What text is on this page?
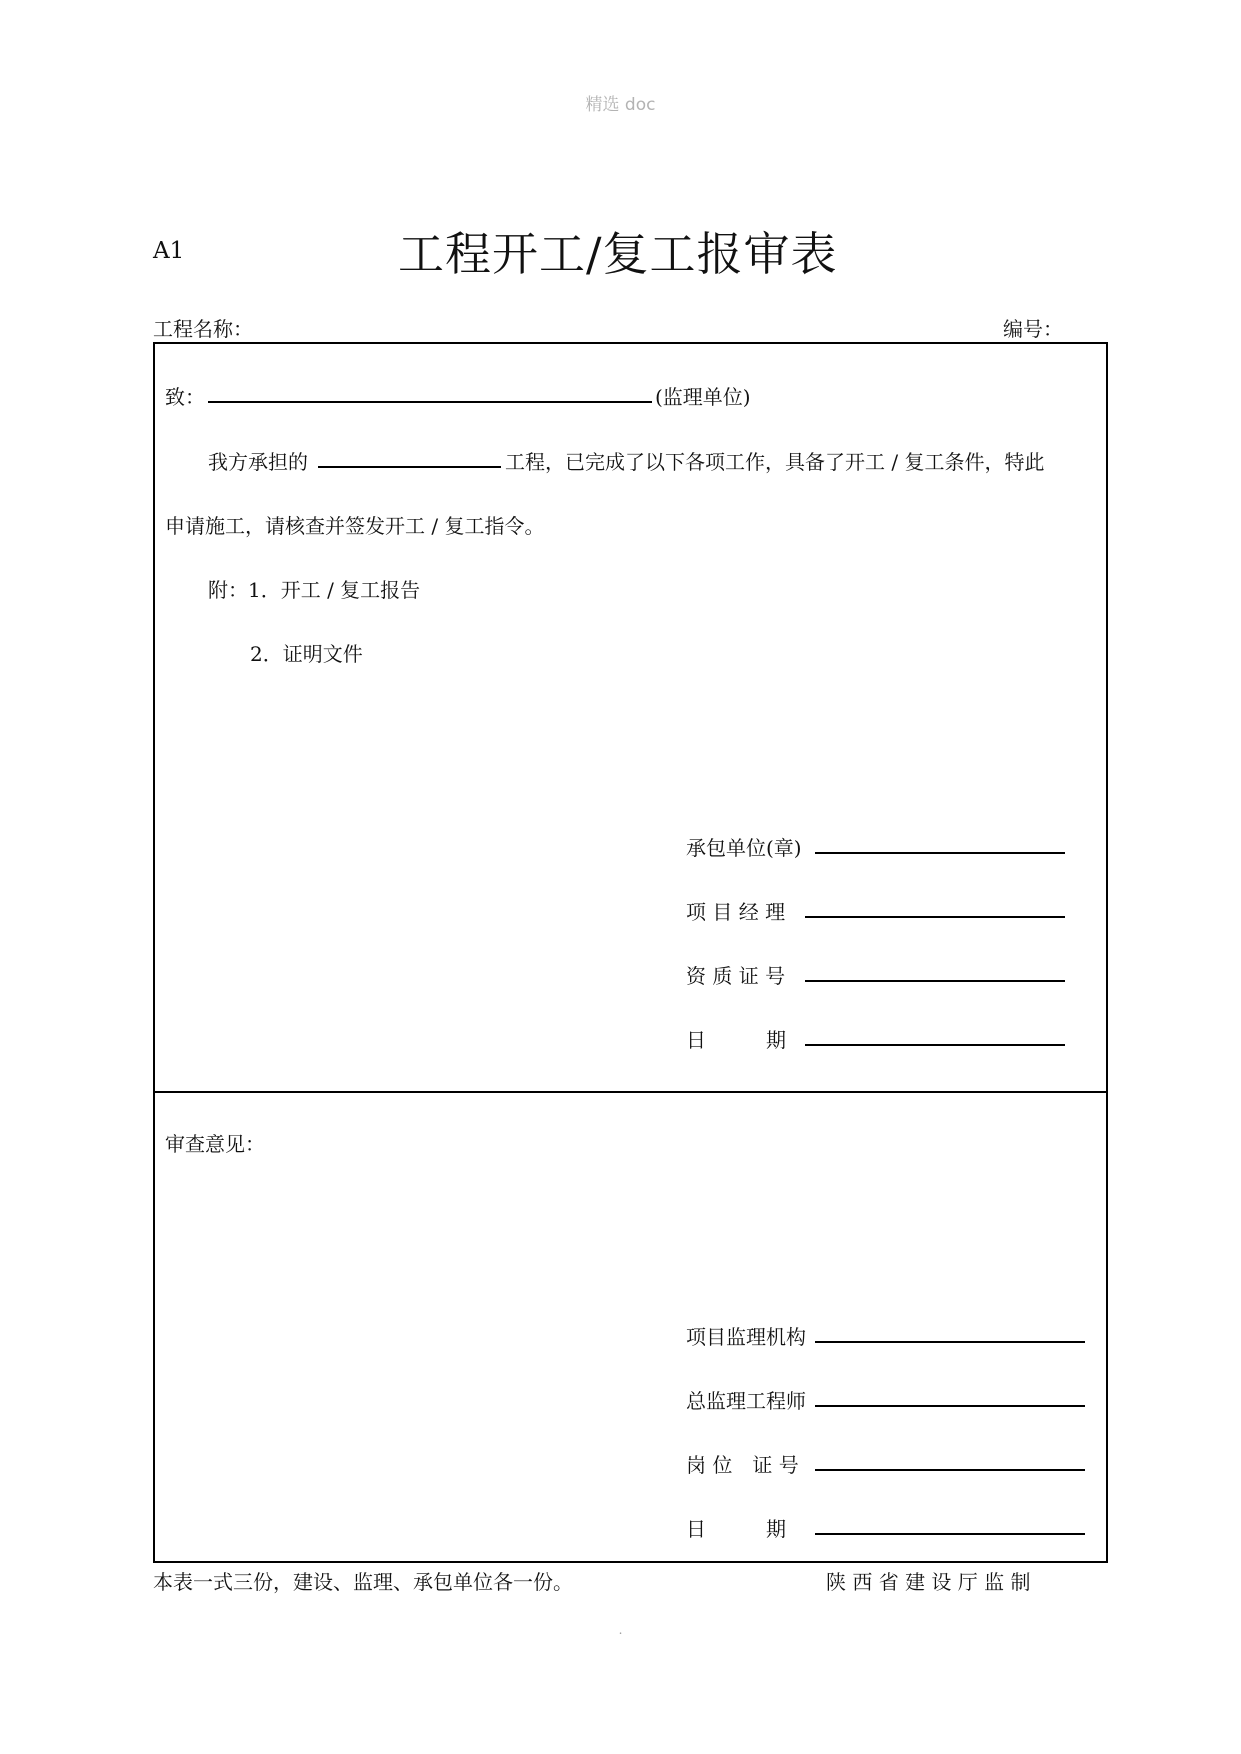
精选 doc
A1	工程开工/复工报审表
工程名称：	编号：
致：	(监理单位)
我方承担的	工程，已完成了以下各项工作，具备了开工 / 复工条件，特此
申请施工，请核查并签发开工 / 复工指令。
附：1．开工 / 复工报告
2．证明文件
承包单位(章)
项 目 经 理
资 质 证 号
日　　　期
审查意见：
项目监理机构
总监理工程师
岗 位　证 号
日　　　期
本表一式三份，建设、监理、承包单位各一份。	陕 西 省 建 设 厅 监 制
.
